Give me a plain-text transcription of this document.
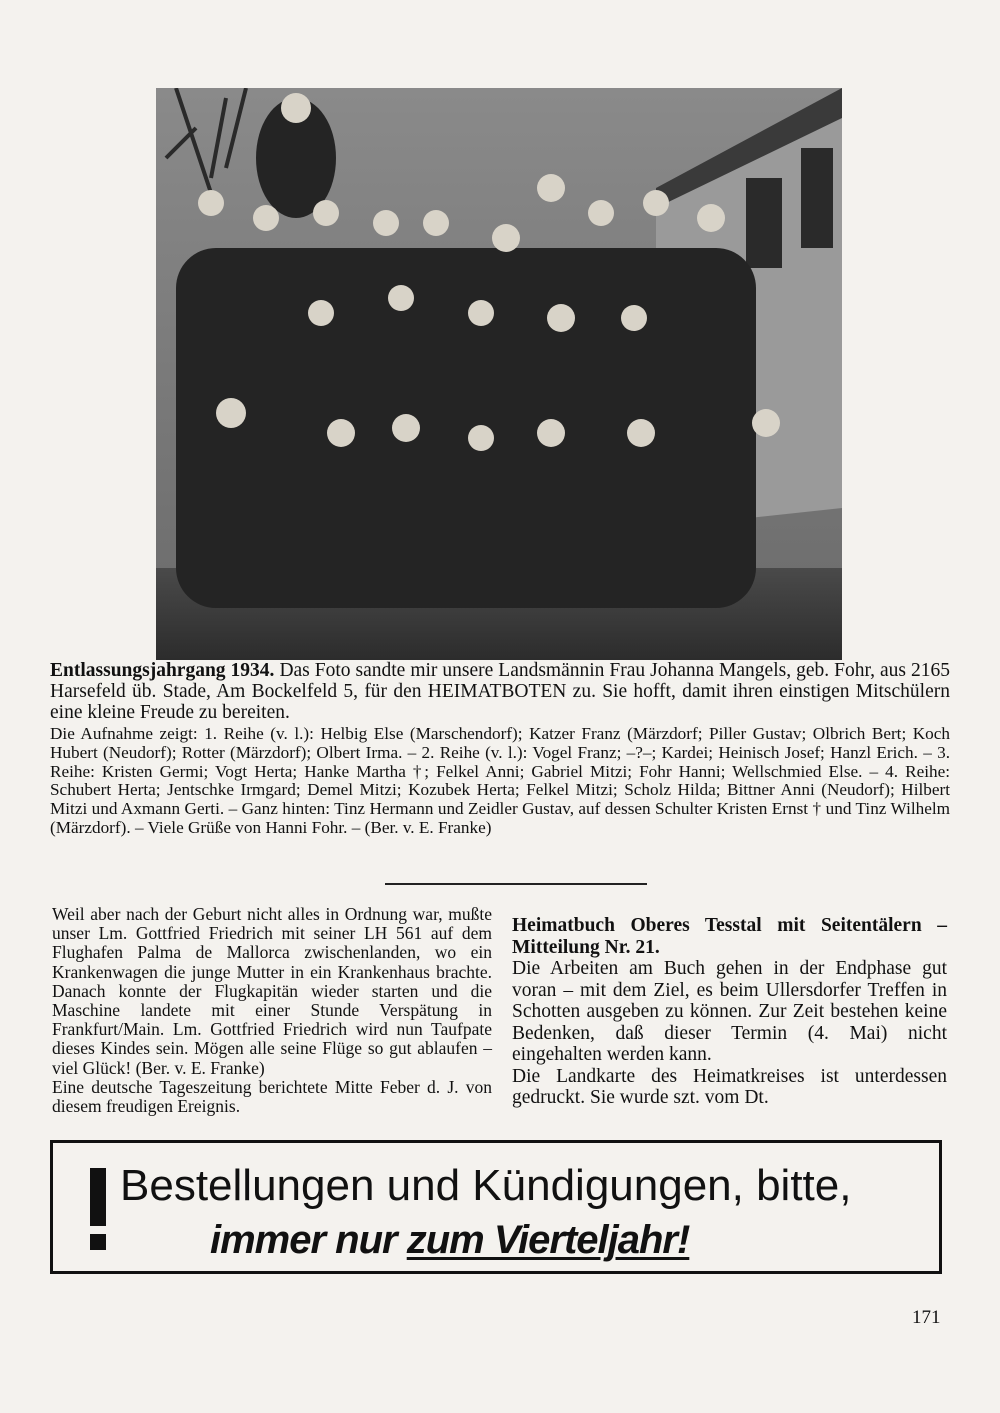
Entlassungsjahrgang 1934. Das Foto sandte mir unsere Landsmännin Frau Johanna Mangels, geb. Fohr, aus 2165 Harsefeld üb. Stade, Am Bockelfeld 5, für den HEIMATBOTEN zu. Sie hofft, damit ihren einstigen Mitschülern eine kleine Freude zu bereiten.

Die Aufnahme zeigt: 1. Reihe (v. l.): Helbig Else (Marschendorf); Katzer Franz (Märzdorf; Piller Gustav; Olbrich Bert; Koch Hubert (Neudorf); Rotter (Märzdorf); Olbert Irma. – 2. Reihe (v. l.): Vogel Franz; –?–; Kardei; Heinisch Josef; Hanzl Erich. – 3. Reihe: Kristen Germi; Vogt Herta; Hanke Martha †; Felkel Anni; Gabriel Mitzi; Fohr Hanni; Wellschmied Else. – 4. Reihe: Schubert Herta; Jentschke Irmgard; Demel Mitzi; Kozubek Herta; Felkel Mitzi; Scholz Hilda; Bittner Anni (Neudorf); Hilbert Mitzi und Axmann Gerti. – Ganz hinten: Tinz Hermann und Zeidler Gustav, auf dessen Schulter Kristen Ernst † und Tinz Wilhelm (Märzdorf). – Viele Grüße von Hanni Fohr. – (Ber. v. E. Franke)

Weil aber nach der Geburt nicht alles in Ordnung war, mußte unser Lm. Gottfried Friedrich mit seiner LH 561 auf dem Flughafen Palma de Mallorca zwischenlanden, wo ein Krankenwagen die junge Mutter in ein Krankenhaus brachte. Danach konnte der Flugkapitän wieder starten und die Maschine landete mit einer Stunde Verspätung in Frankfurt/Main. Lm. Gottfried Friedrich wird nun Taufpate dieses Kindes sein. Mögen alle seine Flüge so gut ablaufen – viel Glück! (Ber. v. E. Franke)

Eine deutsche Tageszeitung berichtete Mitte Feber d. J. von diesem freudigen Ereignis.

Heimatbuch Oberes Tesstal mit Seitentälern – Mitteilung Nr. 21.

Die Arbeiten am Buch gehen in der Endphase gut voran – mit dem Ziel, es beim Ullersdorfer Treffen in Schotten ausgeben zu können. Zur Zeit bestehen keine Bedenken, daß dieser Termin (4. Mai) nicht eingehalten werden kann.

Die Landkarte des Heimatkreises ist unterdessen gedruckt. Sie wurde szt. vom Dt.

Bestellungen und Kündigungen, bitte,
immer nur zum Vierteljahr!
171
